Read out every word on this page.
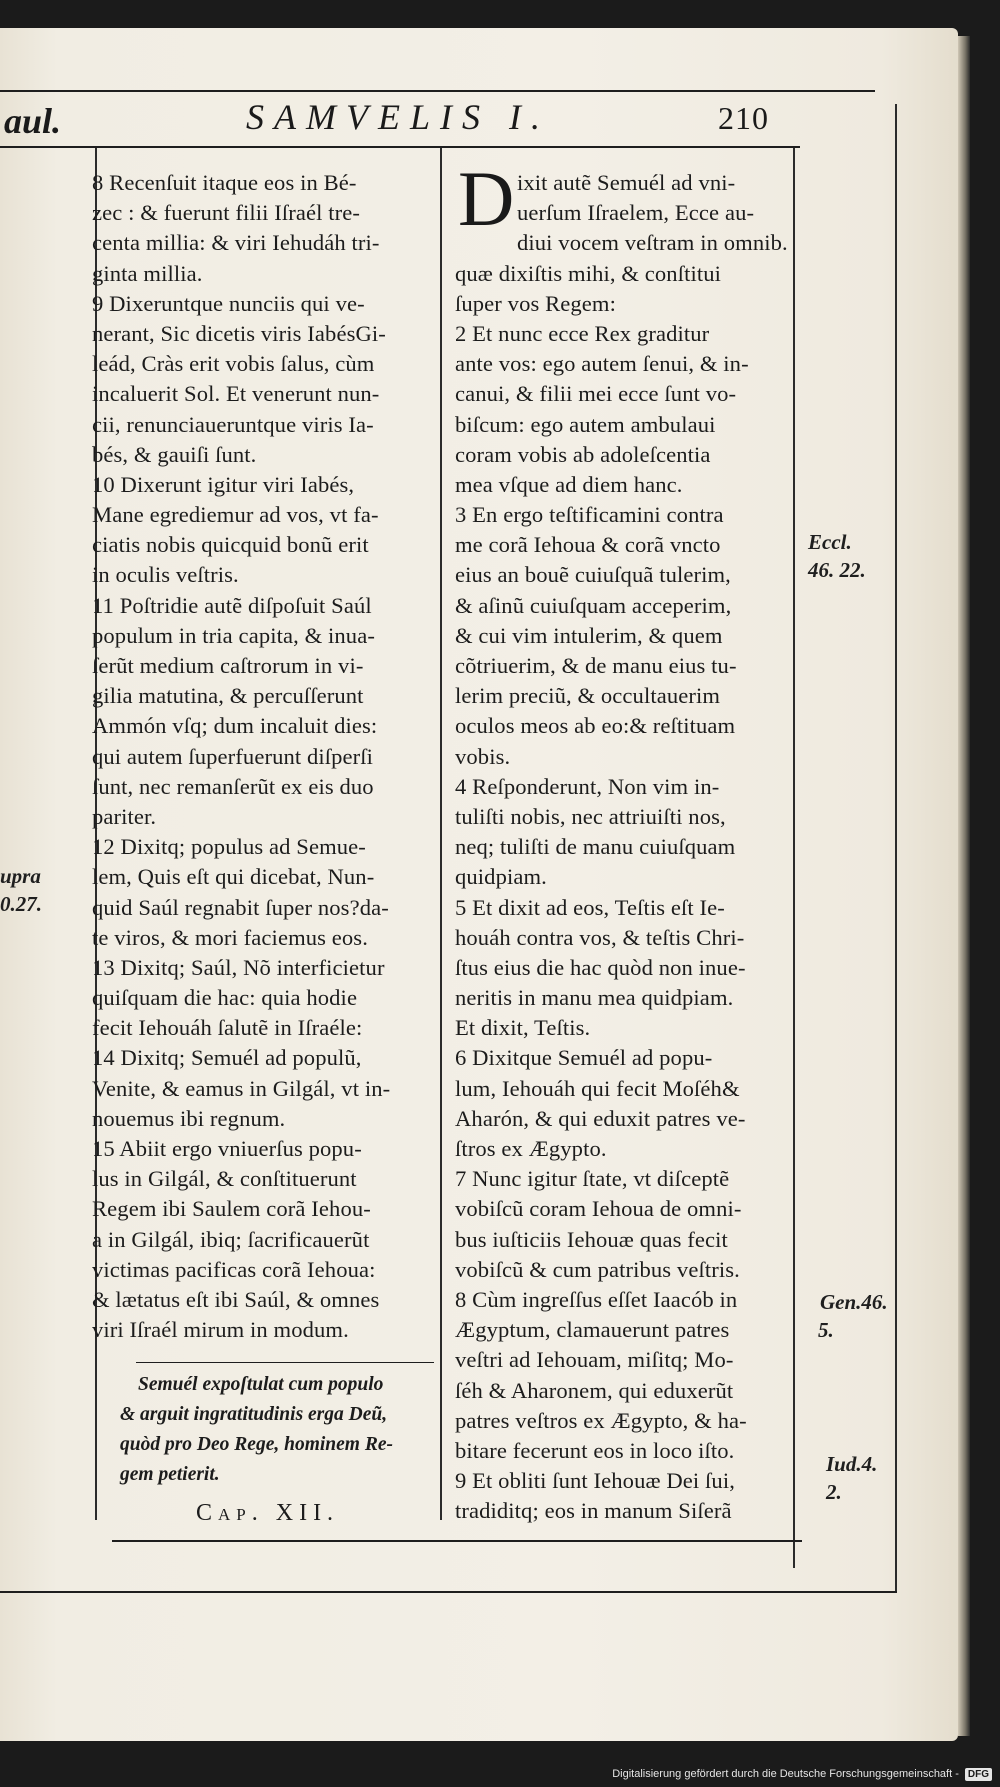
aul.	SAMVELIS I.	210
upra
0.27.
8 Recenſuit itaque eos in Bé-
zec : & fuerunt filii Iſraél tre-
centa millia: & viri Iehudáh tri-
ginta millia.
9 Dixeruntque nunciis qui ve-
nerant, Sic dicetis viris IabésGi-
leád, Cràs erit vobis ſalus, cùm
incaluerit Sol. Et venerunt nun-
cii, renunciaueruntque viris Ia-
bés, & gauiſi ſunt.
10 Dixerunt igitur viri Iabés,
Mane egrediemur ad vos, vt fa-
ciatis nobis quicquid bonũ erit
in oculis veſtris.
11 Poſtridie autẽ diſpoſuit Saúl
populum in tria capita, & inua-
ſerũt medium caſtrorum in vi-
gilia matutina, & percuſſerunt
Ammón vſq; dum incaluit dies:
qui autem ſuperfuerunt diſperſi
ſunt, nec remanſerũt ex eis duo
pariter.
12 Dixitq; populus ad Semue-
lem, Quis eſt qui dicebat, Nun-
quid Saúl regnabit ſuper nos?da-
te viros, & mori faciemus eos.
13 Dixitq; Saúl, Nõ interficietur
quiſquam die hac: quia hodie
fecit Iehouáh ſalutẽ in Iſraéle:
14 Dixitq; Semuél ad populũ,
Venite, & eamus in Gilgál, vt in-
nouemus ibi regnum.
15 Abiit ergo vniuerſus popu-
lus in Gilgál, & conſtituerunt
Regem ibi Saulem corã Iehou-
a in Gilgál, ibiq; ſacrificauerũt
victimas pacificas corã Iehoua:
& lætatus eſt ibi Saúl, & omnes
viri Iſraél mirum in modum.
Semuél expoſtulat cum populo
& arguit ingratitudinis erga Deũ,
quòd pro Deo Rege, hominem Re-
gem petierit.
Cap. XII.
D ixit autẽ Semuél ad vni-
uerſum Iſraelem, Ecce au-
diui vocem veſtram in omnib.
quæ dixiſtis mihi, & conſtitui
ſuper vos Regem:
2 Et nunc ecce Rex graditur
ante vos: ego autem ſenui, & in-
canui, & filii mei ecce ſunt vo-
biſcum: ego autem ambulaui
coram vobis ab adoleſcentia
mea vſque ad diem hanc.
3 En ergo teſtificamini contra
me corã Iehoua & corã vncto
eius an bouẽ cuiuſquã tulerim,
& aſinũ cuiuſquam acceperim,
& cui vim intulerim, & quem
cõtriuerim, & de manu eius tu-
lerim preciũ, & occultauerim
oculos meos ab eo:& reſtituam
vobis.
4 Reſponderunt, Non vim in-
tuliſti nobis, nec attriuiſti nos,
neq; tuliſti de manu cuiuſquam
quidpiam.
5 Et dixit ad eos, Teſtis eſt Ie-
houáh contra vos, & teſtis Chri-
ſtus eius die hac quòd non inue-
neritis in manu mea quidpiam.
Et dixit, Teſtis.
6 Dixitque Semuél ad popu-
lum, Iehouáh qui fecit Moſéh&
Aharón, & qui eduxit patres ve-
ſtros ex Ægypto.
7 Nunc igitur ſtate, vt diſceptẽ
vobiſcũ coram Iehoua de omni-
bus iuſticiis Iehouæ quas fecit
vobiſcũ & cum patribus veſtris.
8 Cùm ingreſſus eſſet Iaacób in
Ægyptum, clamauerunt patres
veſtri ad Iehouam, miſitq; Mo-
ſéh & Aharonem, qui eduxerũt
patres veſtros ex Ægypto, & ha-
bitare fecerunt eos in loco iſto.
9 Et obliti ſunt Iehouæ Dei ſui,
tradiditq; eos in manum Siſerã
Eccl.
46. 22.
Gen.46.
5.
Iud.4.
2.
Digitalisierung gefördert durch die Deutsche Forschungsgemeinschaft - DFG
